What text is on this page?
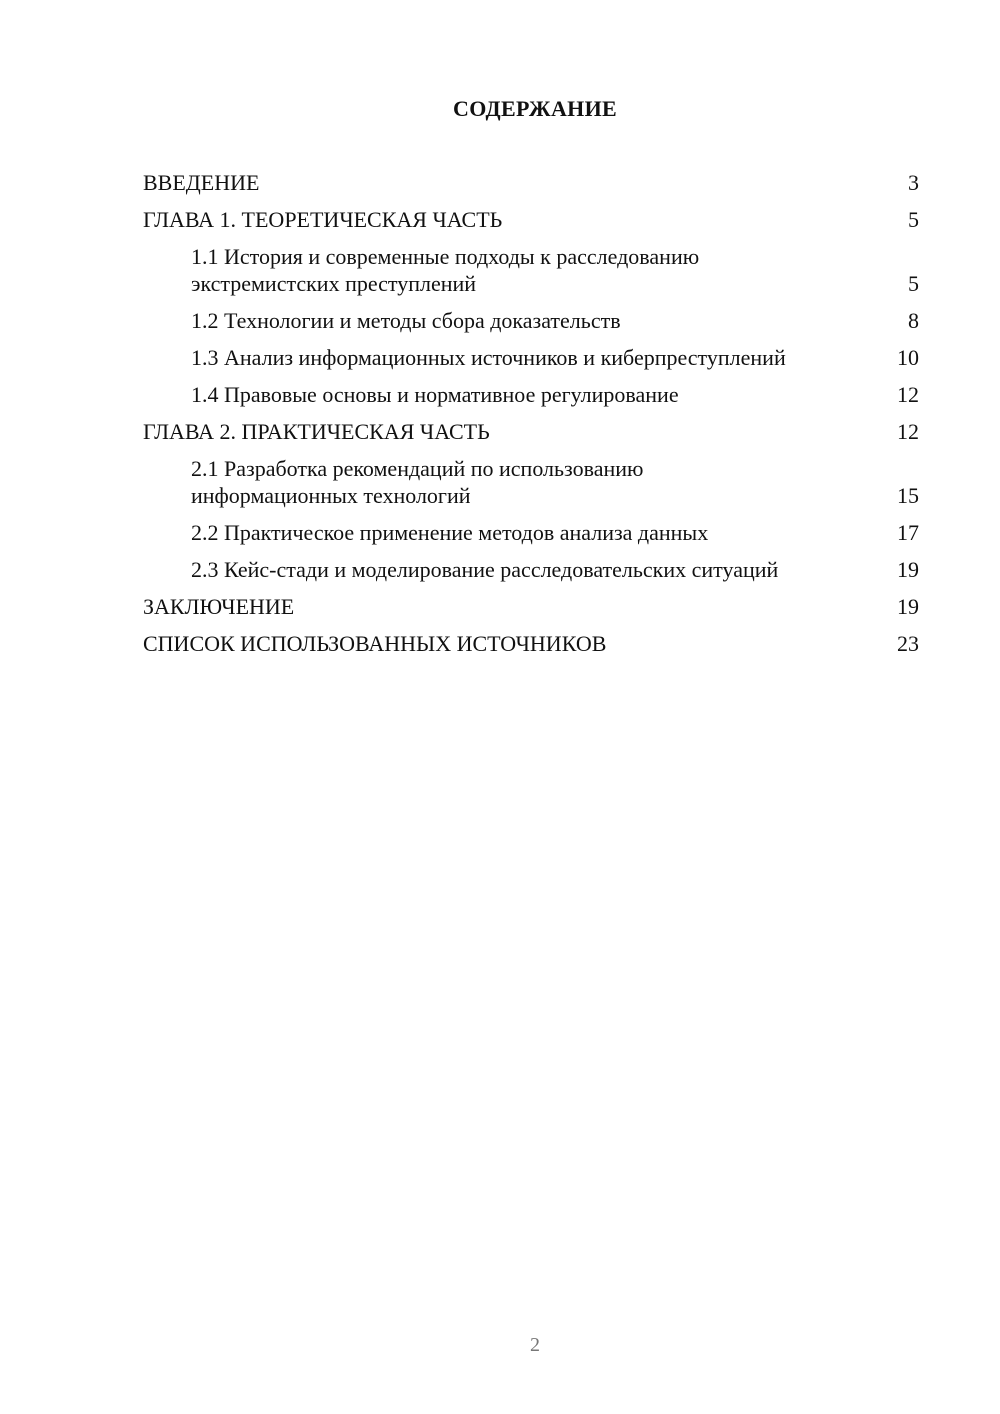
СОДЕРЖАНИЕ
ВВЕДЕНИЕ	3
ГЛАВА 1. ТЕОРЕТИЧЕСКАЯ ЧАСТЬ	5
1.1 История и современные подходы к расследованию экстремистских преступлений	5
1.2 Технологии и методы сбора доказательств	8
1.3 Анализ информационных источников и киберпреступлений	10
1.4 Правовые основы и нормативное регулирование	12
ГЛАВА 2. ПРАКТИЧЕСКАЯ ЧАСТЬ	12
2.1 Разработка рекомендаций по использованию информационных технологий	15
2.2 Практическое применение методов анализа данных	17
2.3 Кейс-стади и моделирование расследовательских ситуаций	19
ЗАКЛЮЧЕНИЕ	19
СПИСОК ИСПОЛЬЗОВАННЫХ ИСТОЧНИКОВ	23
2
